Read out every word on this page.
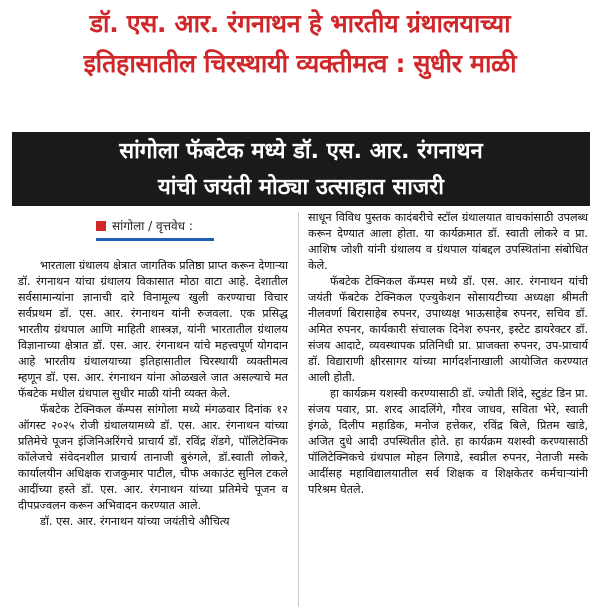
डॉ. एस. आर. रंगनाथन हे भारतीय ग्रंथालयाच्या
इतिहासातील चिरस्थायी व्यक्तीमत्व : सुधीर माळी
सांगोला फॅबटेक मध्ये डॉ. एस. आर. रंगनाथन
यांची जयंती मोठ्या उत्साहात साजरी
सांगोला / वृत्तवेध :

भारताला ग्रंथालय क्षेत्रात जागतिक प्रतिष्ठा प्राप्त करून देणाऱ्या डॉ. रंगनाथन यांचा ग्रंथालय विकासात मोठा वाटा आहे. देशातील सर्वसामान्यांना ज्ञानाची दारे विनामूल्य खुली करण्याचा विचार सर्वप्रथम डॉ. एस. आर. रंगनाथन यांनी रुजवला. एक प्रसिद्ध भारतीय ग्रंथपाल आणि माहिती शास्त्रज्ञ, यांनी भारतातील ग्रंथालय विज्ञानाच्या क्षेत्रात डॉ. एस. आर. रंगनाथन यांचे महत्त्वपूर्ण योगदान आहे भारतीय ग्रंथालयाच्या इतिहासातील चिरस्थायी व्यक्तीमत्व म्हणून डॉ. एस. आर. रंगनाथन यांना ओळखले जात असल्याचे मत फॅबटेक मधील ग्रंथपाल सुधीर माळी यांनी व्यक्त केले.

फॅबटेक टेक्निकल कॅम्पस सांगोला मध्ये मंगळवार दिनांक १२ ऑगस्ट २०२५ रोजी ग्रंथालयामध्ये डॉ. एस. आर. रंगनाथन यांच्या प्रतिमेचे पूजन इंजिनिअरिंगचे प्राचार्य डॉ. रविंद्र शेंडगे, पॉलिटेक्निक कॉलेजचे संवेदनशील प्राचार्य तानाजी बुरुंगले, डॉ.स्वाती लोकरे, कार्यालयीन अधिक्षक राजकुमार पाटील, चीफ अकाउंट सुनिल टकले आदींच्या हस्ते डॉ. एस. आर. रंगनाथन यांच्या प्रतिमेचे पूजन व दीपप्रज्वलन करून अभिवादन करण्यात आले.

डॉ. एस. आर. रंगनाथन यांच्या जयंतीचे औचित्य

साधून विविध पुस्तक कादंबरीचे स्टॉल ग्रंथालयात वाचकांसाठी उपलब्ध करून देण्यात आला होता. या कार्यक्रमात डॉ. स्वाती लोकरे व प्रा. आशिष जोशी यांनी ग्रंथालय व ग्रंथपाल यांबद्दल उपस्थितांना संबोधित केले.

फॅबटेक टेक्निकल कॅम्पस मध्ये डॉ. एस. आर. रंगनाथन यांची जयंती फॅबटेक टेक्निकल एज्युकेशन सोसायटीच्या अध्यक्षा श्रीमती नीलवर्णा बिरासाहेब रुपनर, उपाध्यक्ष भाऊसाहेब रुपनर, सचिव डॉ. अमित रुपनर, कार्यकारी संचालक दिनेश रुपनर, इस्टेट डायरेक्टर डॉ. संजय आदाटे, व्यवस्थापक प्रतिनिधी प्रा. प्राजक्ता रुपनर, उप-प्राचार्य डॉ. विद्याराणी क्षीरसागर यांच्या मार्गदर्शनाखाली आयोजित करण्यात आली होती.

हा कार्यक्रम यशस्वी करण्यासाठी डॉ. ज्योती शिंदे, स्टुडंट डिन प्रा. संजय पवार, प्रा. शरद आदलिंगे, गौरव जाधव, सविता भेरे, स्वाती इंगळे, दिलीप महाडिक, मनोज हत्तेकर, रविंद्र बिले, प्रितम खाडे, अजित दुधे आदी उपस्थितीत होते. हा कार्यक्रम यशस्वी करण्यासाठी पॉलिटेक्निकचे ग्रंथपाल मोहन लिगाडे, स्वप्नील रुपनर, नेताजी मस्के आदींसह महाविद्यालयातील सर्व शिक्षक व शिक्षकेतर कर्मचाऱ्यांनी परिश्रम घेतले.
